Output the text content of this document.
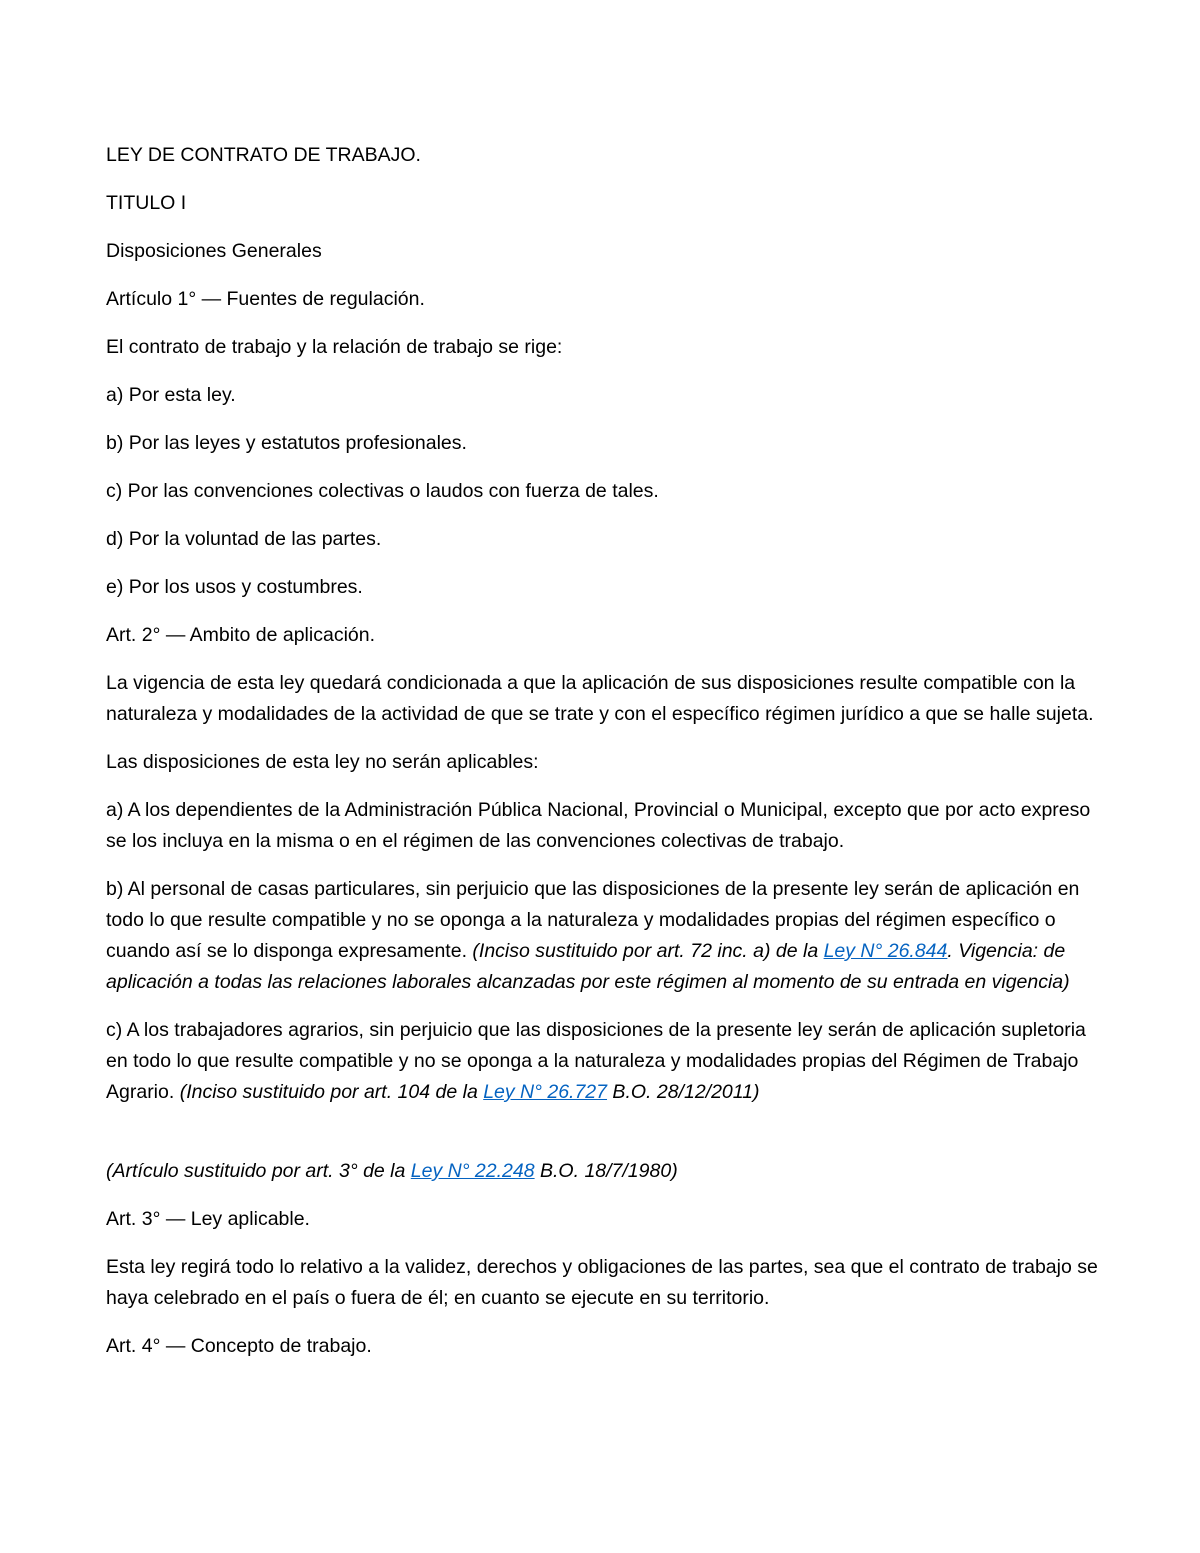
LEY DE CONTRATO DE TRABAJO.

TITULO I

Disposiciones Generales

Artículo 1° — Fuentes de regulación.

El contrato de trabajo y la relación de trabajo se rige:

a) Por esta ley.

b) Por las leyes y estatutos profesionales.

c) Por las convenciones colectivas o laudos con fuerza de tales.

d) Por la voluntad de las partes.

e) Por los usos y costumbres.

Art. 2° — Ambito de aplicación.

La vigencia de esta ley quedará condicionada a que la aplicación de sus disposiciones resulte compatible con la naturaleza y modalidades de la actividad de que se trate y con el específico régimen jurídico a que se halle sujeta.

Las disposiciones de esta ley no serán aplicables:

a) A los dependientes de la Administración Pública Nacional, Provincial o Municipal, excepto que por acto expreso se los incluya en la misma o en el régimen de las convenciones colectivas de trabajo.

b) Al personal de casas particulares, sin perjuicio que las disposiciones de la presente ley serán de aplicación en todo lo que resulte compatible y no se oponga a la naturaleza y modalidades propias del régimen específico o cuando así se lo disponga expresamente. (Inciso sustituido por art. 72 inc. a) de la Ley N° 26.844. Vigencia: de aplicación a todas las relaciones laborales alcanzadas por este régimen al momento de su entrada en vigencia)

c) A los trabajadores agrarios, sin perjuicio que las disposiciones de la presente ley serán de aplicación supletoria en todo lo que resulte compatible y no se oponga a la naturaleza y modalidades propias del Régimen de Trabajo Agrario. (Inciso sustituido por art. 104 de la Ley N° 26.727 B.O. 28/12/2011)

(Artículo sustituido por art. 3° de la Ley N° 22.248 B.O. 18/7/1980)

Art. 3° — Ley aplicable.

Esta ley regirá todo lo relativo a la validez, derechos y obligaciones de las partes, sea que el contrato de trabajo se haya celebrado en el país o fuera de él; en cuanto se ejecute en su territorio.

Art. 4° — Concepto de trabajo.
